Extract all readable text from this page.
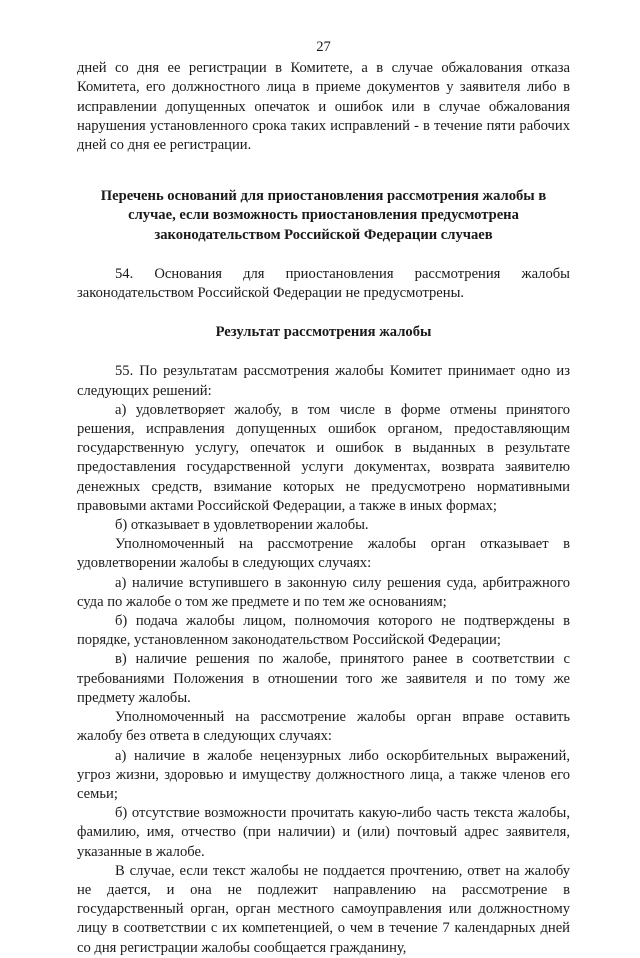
27

дней со дня ее регистрации в Комитете, а в случае обжалования отказа Комитета, его должностного лица в приеме документов у заявителя либо в исправлении допущенных опечаток и ошибок или в случае обжалования нарушения установленного срока таких исправлений - в течение пяти рабочих дней со дня ее регистрации.

Перечень оснований для приостановления рассмотрения жалобы в

случае, если возможность приостановления предусмотрена

законодательством Российской Федерации случаев

54. Основания для приостановления рассмотрения жалобы законодательством Российской Федерации не предусмотрены.

Результат рассмотрения жалобы

55. По результатам рассмотрения жалобы Комитет принимает одно из следующих решений:

а) удовлетворяет жалобу, в том числе в форме отмены принятого решения, исправления допущенных ошибок органом, предоставляющим государственную услугу, опечаток и ошибок в выданных в результате предоставления государственной услуги документах, возврата заявителю денежных средств, взимание которых не предусмотрено нормативными правовыми актами Российской Федерации, а также в иных формах;

б) отказывает в удовлетворении жалобы.

Уполномоченный на рассмотрение жалобы орган отказывает в удовлетворении жалобы в следующих случаях:

а) наличие вступившего в законную силу решения суда, арбитражного суда по жалобе о том же предмете и по тем же основаниям;

б) подача жалобы лицом, полномочия которого не подтверждены в порядке, установленном законодательством Российской Федерации;

в) наличие решения по жалобе, принятого ранее в соответствии с требованиями Положения в отношении того же заявителя и по тому же предмету жалобы.

Уполномоченный на рассмотрение жалобы орган вправе оставить жалобу без ответа в следующих случаях:

а) наличие в жалобе нецензурных либо оскорбительных выражений, угроз жизни, здоровью и имуществу должностного лица, а также членов его семьи;

б) отсутствие возможности прочитать какую-либо часть текста жалобы, фамилию, имя, отчество (при наличии) и (или) почтовый адрес заявителя, указанные в жалобе.

В случае, если текст жалобы не поддается прочтению, ответ на жалобу не дается, и она не подлежит направлению на рассмотрение в государственный орган, орган местного самоуправления или должностному лицу в соответствии с их компетенцией, о чем в течение 7 календарных дней со дня регистрации жалобы сообщается гражданину,
